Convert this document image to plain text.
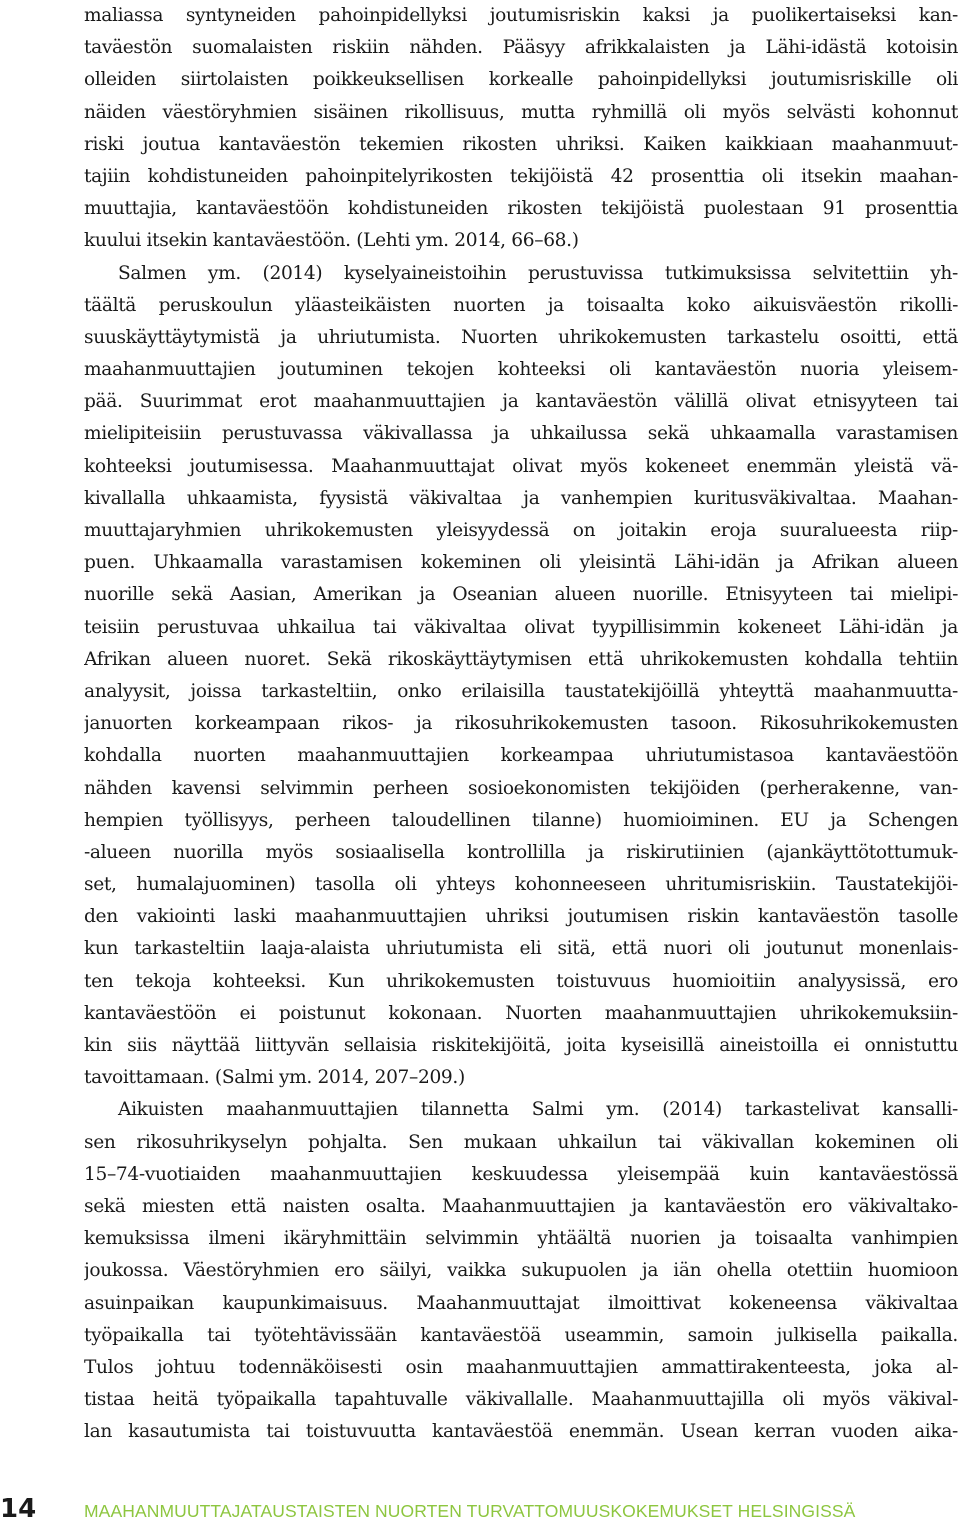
maliassa syntyneiden pahoinpidellyksi joutumisriskin kaksi ja puolikertaiseksi kan-
taväestön suomalaisten riskiin nähden. Pääsyy afrikkalaisten ja Lähi-idästä kotoisin
olleiden siirtolaisten poikkeuksellisen korkealle pahoinpidellyksi joutumisriskille oli
näiden väestöryhmien sisäinen rikollisuus, mutta ryhmillä oli myös selvästi kohonnut
riski joutua kantaväestön tekemien rikosten uhriksi. Kaiken kaikkiaan maahanmuut-
tajiin kohdistuneiden pahoinpitelyrikosten tekijöistä 42 prosenttia oli itsekin maahan-
muuttajia, kantaväestöön kohdistuneiden rikosten tekijöistä puolestaan 91 prosenttia
kuului itsekin kantaväestöön. (Lehti ym. 2014, 66–68.)
Salmen ym. (2014) kyselyaineistoihin perustuvissa tutkimuksissa selvitettiin yh-
täältä peruskoulun yläasteikäisten nuorten ja toisaalta koko aikuisväestön rikolli-
suuskäyttäytymistä ja uhriutumista. Nuorten uhrikokemusten tarkastelu osoitti, että
maahanmuuttajien joutuminen tekojen kohteeksi oli kantaväestön nuoria yleisem-
pää. Suurimmat erot maahanmuuttajien ja kantaväestön välillä olivat etnisyyteen tai
mielipiteisiin perustuvassa väkivallassa ja uhkailussa sekä uhkaamalla varastamisen
kohteeksi joutumisessa. Maahanmuuttajat olivat myös kokeneet enemmän yleistä vä-
kivallalla uhkaamista, fyysistä väkivaltaa ja vanhempien kuritusväkivaltaa. Maahan-
muuttajaryhmien uhrikokemusten yleisyydessä on joitakin eroja suuralueesta riip-
puen. Uhkaamalla varastamisen kokeminen oli yleisintä Lähi-idän ja Afrikan alueen
nuorille sekä Aasian, Amerikan ja Oseanian alueen nuorille. Etnisyyteen tai mielipi-
teisiin perustuvaa uhkailua tai väkivaltaa olivat tyypillisimmin kokeneet Lähi-idän ja
Afrikan alueen nuoret. Sekä rikoskäyttäytymisen että uhrikokemusten kohdalla tehtiin
analyysit, joissa tarkasteltiin, onko erilaisilla taustatekijöillä yhteyttä maahanmuutta-
januorten korkeampaan rikos- ja rikosuhrikokemusten tasoon. Rikosuhrikokemusten
kohdalla nuorten maahanmuuttajien korkeampaa uhriutumistasoa kantaväestöön
nähden kavensi selvimmin perheen sosioekonomisten tekijöiden (perherakenne, van-
hempien työllisyys, perheen taloudellinen tilanne) huomioiminen. EU ja Schengen
-alueen nuorilla myös sosiaalisella kontrollilla ja riskirutiinien (ajankäyttötottumuk-
set, humalajuominen) tasolla oli yhteys kohonneeseen uhritumisriskiin. Taustatekijöi-
den vakiointi laski maahanmuuttajien uhriksi joutumisen riskin kantaväestön tasolle
kun tarkasteltiin laaja-alaista uhriutumista eli sitä, että nuori oli joutunut monenlais-
ten tekoja kohteeksi. Kun uhrikokemusten toistuvuus huomioitiin analyysissä, ero
kantaväestöön ei poistunut kokonaan. Nuorten maahanmuuttajien uhrikokemuksiin-
kin siis näyttää liittyvän sellaisia riskitekijöitä, joita kyseisillä aineistoilla ei onnistuttu
tavoittamaan. (Salmi ym. 2014, 207–209.)
Aikuisten maahanmuuttajien tilannetta Salmi ym. (2014) tarkastelivat kansalli-
sen rikosuhrikyselyn pohjalta. Sen mukaan uhkailun tai väkivallan kokeminen oli
15–74-vuotiaiden maahanmuuttajien keskuudessa yleisempää kuin kantaväestössä
sekä miesten että naisten osalta. Maahanmuuttajien ja kantaväestön ero väkivaltako-
kemuksissa ilmeni ikäryhmittäin selvimmin yhtäältä nuorien ja toisaalta vanhimpien
joukossa. Väestöryhmien ero säilyi, vaikka sukupuolen ja iän ohella otettiin huomioon
asuinpaikan kaupunkimaisuus. Maahanmuuttajat ilmoittivat kokeneensa väkivaltaa
työpaikalla tai työtehtävissään kantaväestöä useammin, samoin julkisella paikalla.
Tulos johtuu todennäköisesti osin maahanmuuttajien ammattirakenteesta, joka al-
tistaa heitä työpaikalla tapahtuvalle väkivallalle. Maahanmuuttajilla oli myös väkival-
lan kasautumista tai toistuvuutta kantaväestöä enemmän. Usean kerran vuoden aika-
14	MAAHANMUUTTAJATAUSTAISTEN NUORTEN TURVATTOMUUSKOKEMUKSET HELSINGISSÄ
